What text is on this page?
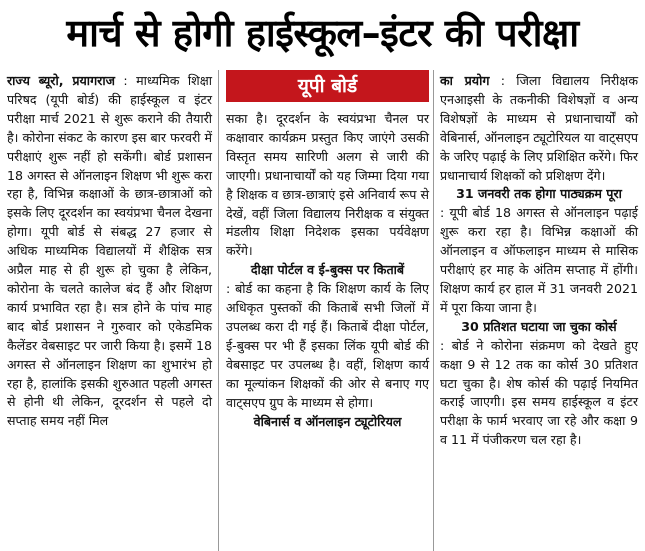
मार्च से होगी हाईस्कूल–इंटर की परीक्षा

राज्य ब्यूरो, प्रयागराज : माध्यमिक शिक्षा परिषद (यूपी बोर्ड) की हाईस्कूल व इंटर परीक्षा मार्च 2021 से शुरू कराने की तैयारी है। कोरोना संकट के कारण इस बार फरवरी में परीक्षाएं शुरू नहीं हो सकेंगी। बोर्ड प्रशासन 18 अगस्त से ऑनलाइन शिक्षण भी शुरू करा रहा है, विभिन्न कक्षाओं के छात्र-छात्राओं को इसके लिए दूरदर्शन का स्वयंप्रभा चैनल देखना होगा। यूपी बोर्ड से संबद्ध 27 हजार से अधिक माध्यमिक विद्यालयों में शैक्षिक सत्र अप्रैल माह से ही शुरू हो चुका है लेकिन, कोरोना के चलते कालेज बंद हैं और शिक्षण कार्य प्रभावित रहा है। सत्र होने के पांच माह बाद बोर्ड प्रशासन ने गुरुवार को एकेडमिक कैलेंडर वेबसाइट पर जारी किया है। इसमें 18 अगस्त से ऑनलाइन शिक्षण का शुभारंभ हो रहा है, हालांकि इसकी शुरुआत पहली अगस्त से होनी थी लेकिन, दूरदर्शन से पहले दो सप्ताह समय नहीं मिल

यूपी बोर्ड

सका है। दूरदर्शन के स्वयंप्रभा चैनल पर कक्षावार कार्यक्रम प्रस्तुत किए जाएंगे उसकी विस्तृत समय सारिणी अलग से जारी की जाएगी। प्रधानाचार्यों को यह जिम्मा दिया गया है शिक्षक व छात्र-छात्राएं इसे अनिवार्य रूप से देखें, वहीं जिला विद्यालय निरीक्षक व संयुक्त मंडलीय शिक्षा निदेशक इसका पर्यवेक्षण करेंगे।

दीक्षा पोर्टल व ई-बुक्स पर किताबें

: बोर्ड का कहना है कि शिक्षण कार्य के लिए अधिकृत पुस्तकों की किताबें सभी जिलों में उपलब्ध करा दी गई हैं। किताबें दीक्षा पोर्टल, ई-बुक्स पर भी हैं इसका लिंक यूपी बोर्ड की वेबसाइट पर उपलब्ध है। वहीं, शिक्षण कार्य का मूल्यांकन शिक्षकों की ओर से बनाए गए वाट्सएप ग्रुप के माध्यम से होगा।

वेबिनार्स व ऑनलाइन ट्यूटोरियल

का प्रयोग : जिला विद्यालय निरीक्षक एनआइसी के तकनीकी विशेषज्ञों व अन्य विशेषज्ञों के माध्यम से प्रधानाचार्यों को वेबिनार्स, ऑनलाइन ट्यूटोरियल या वाट्सएप के जरिए पढ़ाई के लिए प्रशिक्षित करेंगे। फिर प्रधानाचार्य शिक्षकों को प्रशिक्षण देंगे।

31 जनवरी तक होगा पाठ्यक्रम पूरा

: यूपी बोर्ड 18 अगस्त से ऑनलाइन पढ़ाई शुरू करा रहा है। विभिन्न कक्षाओं की ऑनलाइन व ऑफलाइन माध्यम से मासिक परीक्षाएं हर माह के अंतिम सप्ताह में होंगी। शिक्षण कार्य हर हाल में 31 जनवरी 2021 में पूरा किया जाना है।

30 प्रतिशत घटाया जा चुका कोर्स

: बोर्ड ने कोरोना संक्रमण को देखते हुए कक्षा 9 से 12 तक का कोर्स 30 प्रतिशत घटा चुका है। शेष कोर्स की पढ़ाई नियमित कराई जाएगी। इस समय हाईस्कूल व इंटर परीक्षा के फार्म भरवाए जा रहे और कक्षा 9 व 11 में पंजीकरण चल रहा है।
